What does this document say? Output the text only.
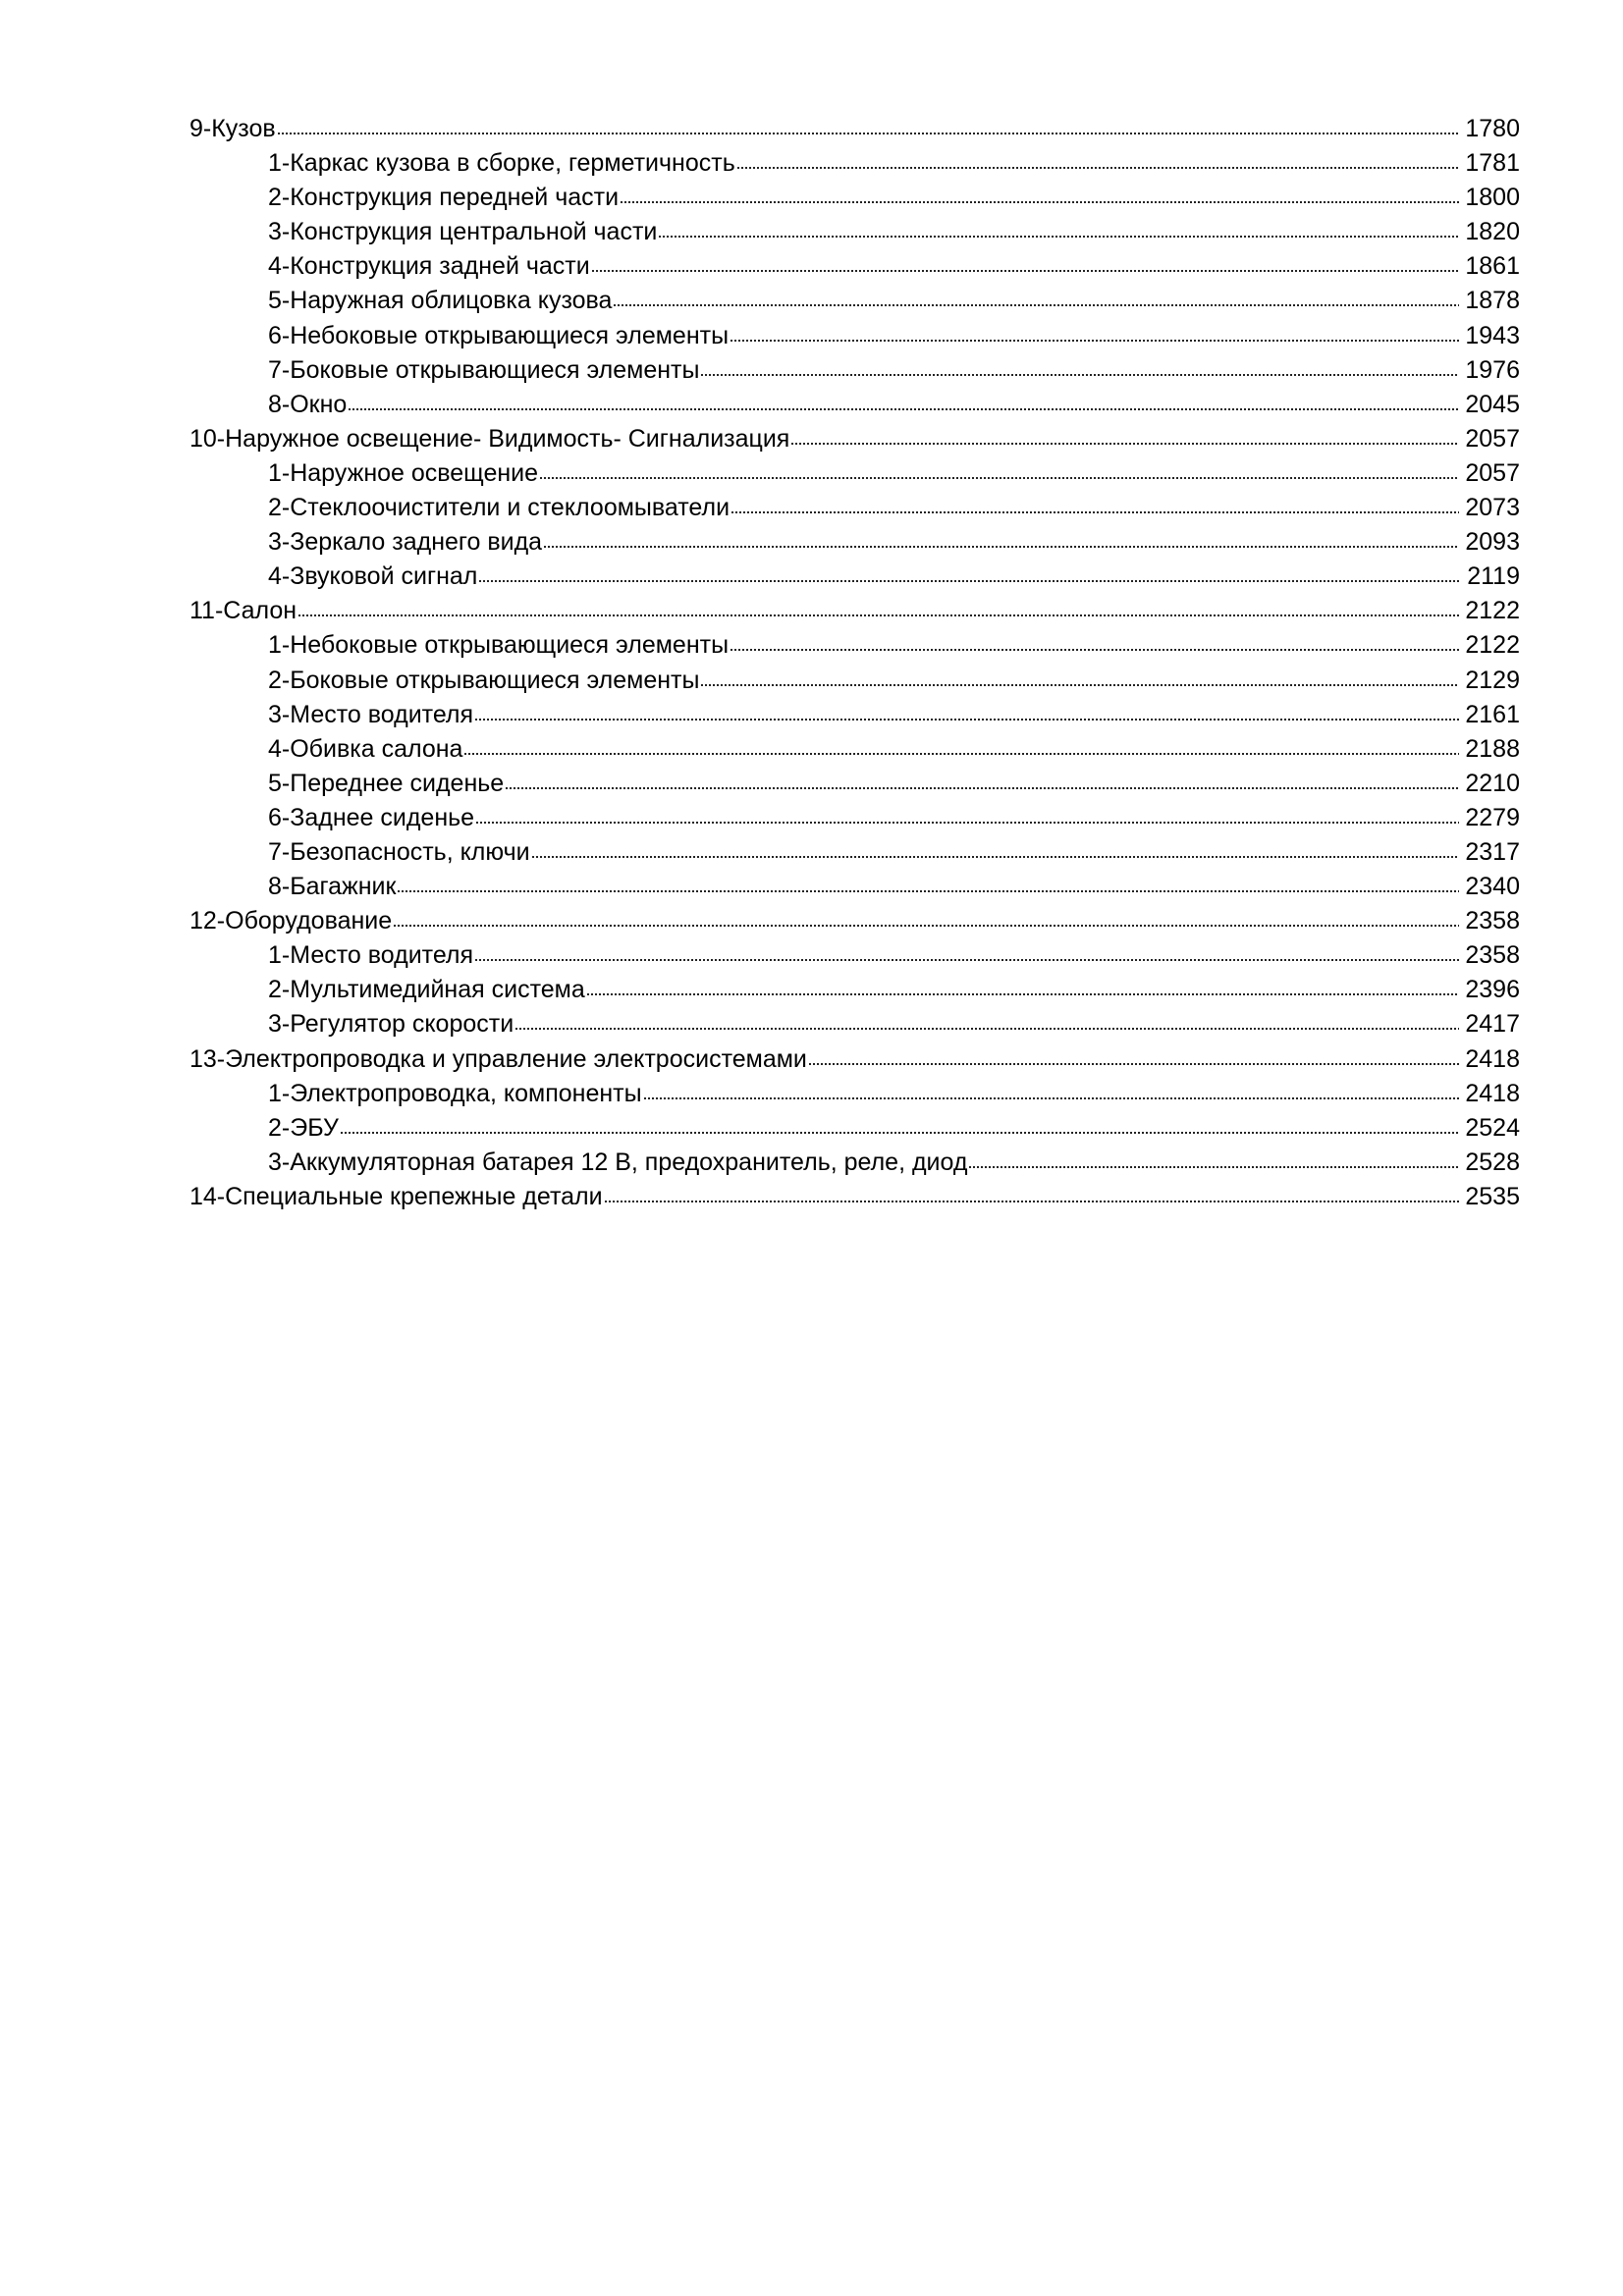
9-Кузов	1780
1-Каркас кузова в сборке, герметичность	1781
2-Конструкция передней части	1800
3-Конструкция центральной части	1820
4-Конструкция задней части	1861
5-Наружная облицовка кузова	1878
6-Небоковые открывающиеся элементы	1943
7-Боковые открывающиеся элементы	1976
8-Окно	2045
10-Наружное освещение- Видимость- Сигнализация	2057
1-Наружное освещение	2057
2-Стеклоочистители и стеклоомыватели	2073
3-Зеркало заднего вида	2093
4-Звуковой сигнал	2119
11-Салон	2122
1-Небоковые открывающиеся элементы	2122
2-Боковые открывающиеся элементы	2129
3-Место водителя	2161
4-Обивка салона	2188
5-Переднее сиденье	2210
6-Заднее сиденье	2279
7-Безопасность, ключи	2317
8-Багажник	2340
12-Оборудование	2358
1-Место водителя	2358
2-Мультимедийная система	2396
3-Регулятор скорости	2417
13-Электропроводка и управление электросистемами	2418
1-Электропроводка, компоненты	2418
2-ЭБУ	2524
3-Аккумуляторная батарея 12 В, предохранитель, реле, диод	2528
14-Специальные крепежные детали	2535
